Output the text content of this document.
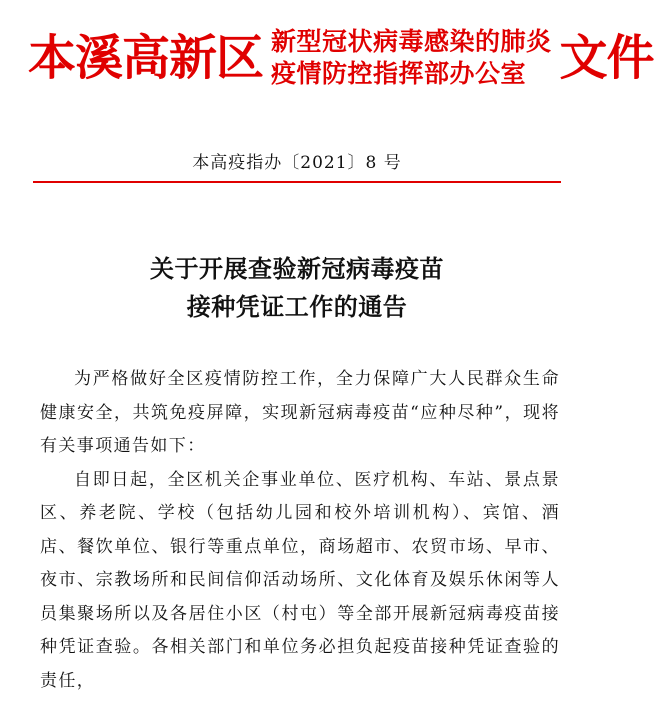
本溪高新区 新型冠状病毒感染的肺炎
疫情防控指挥部办公室 文件
本高疫指办〔2021〕8 号
关于开展查验新冠病毒疫苗
接种凭证工作的通告

为严格做好全区疫情防控工作，全力保障广大人民群众生命健康安全，共筑免疫屏障，实现新冠病毒疫苗“应种尽种”，现将有关事项通告如下：

自即日起，全区机关企事业单位、医疗机构、车站、景点景区、养老院、学校（包括幼儿园和校外培训机构）、宾馆、酒店、餐饮单位、银行等重点单位，商场超市、农贸市场、早市、夜市、宗教场所和民间信仰活动场所、文化体育及娱乐休闲等人员集聚场所以及各居住小区（村屯）等全部开展新冠病毒疫苗接种凭证查验。各相关部门和单位务必担负起疫苗接种凭证查验的责任，
